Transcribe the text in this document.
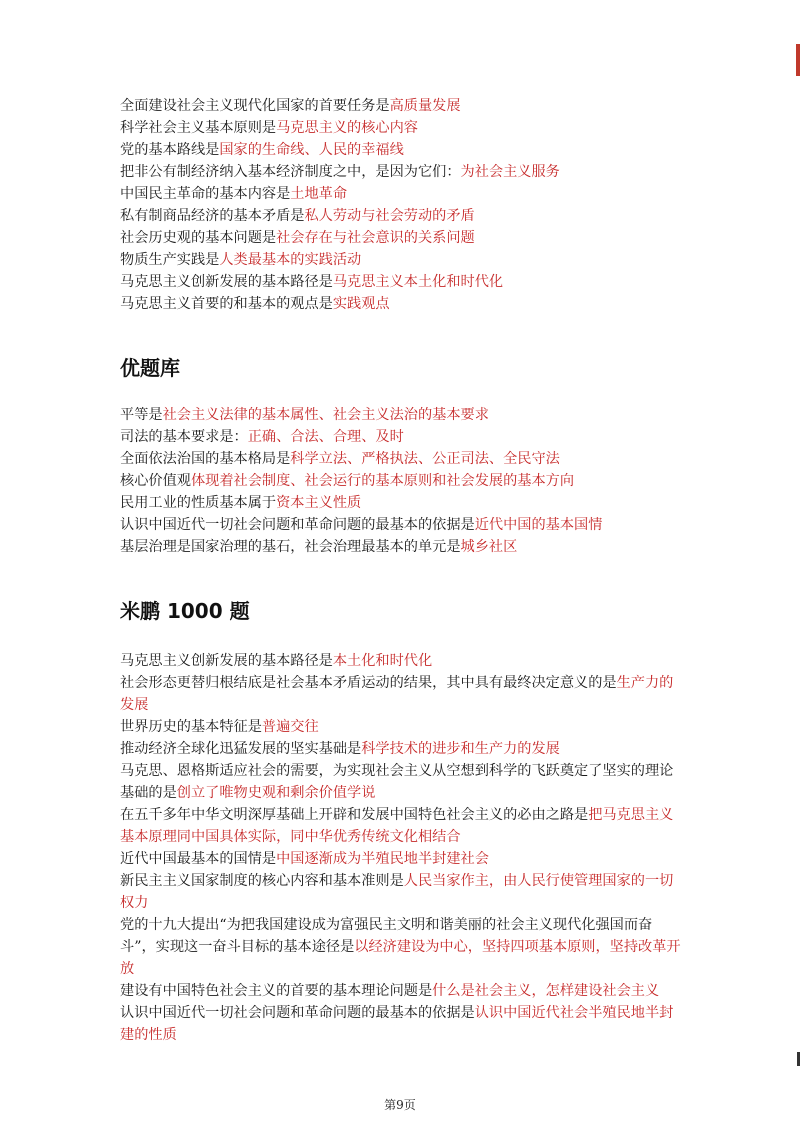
全面建设社会主义现代化国家的首要任务是高质量发展

科学社会主义基本原则是马克思主义的核心内容

党的基本路线是国家的生命线、人民的幸福线

把非公有制经济纳入基本经济制度之中，是因为它们：为社会主义服务

中国民主革命的基本内容是土地革命

私有制商品经济的基本矛盾是私人劳动与社会劳动的矛盾

社会历史观的基本问题是社会存在与社会意识的关系问题

物质生产实践是人类最基本的实践活动

马克思主义创新发展的基本路径是马克思主义本土化和时代化

马克思主义首要的和基本的观点是实践观点

优题库

平等是社会主义法律的基本属性、社会主义法治的基本要求

司法的基本要求是：正确、合法、合理、及时

全面依法治国的基本格局是科学立法、严格执法、公正司法、全民守法

核心价值观体现着社会制度、社会运行的基本原则和社会发展的基本方向

民用工业的性质基本属于资本主义性质

认识中国近代一切社会问题和革命问题的最基本的依据是近代中国的基本国情

基层治理是国家治理的基石，社会治理最基本的单元是城乡社区

米鹏 1000 题

马克思主义创新发展的基本路径是本土化和时代化

社会形态更替归根结底是社会基本矛盾运动的结果，其中具有最终决定意义的是生产力的发展

世界历史的基本特征是普遍交往

推动经济全球化迅猛发展的坚实基础是科学技术的进步和生产力的发展

马克思、恩格斯适应社会的需要，为实现社会主义从空想到科学的飞跃奠定了坚实的理论基础的是创立了唯物史观和剩余价值学说

在五千多年中华文明深厚基础上开辟和发展中国特色社会主义的必由之路是把马克思主义基本原理同中国具体实际，同中华优秀传统文化相结合

近代中国最基本的国情是中国逐渐成为半殖民地半封建社会

新民主主义国家制度的核心内容和基本准则是人民当家作主，由人民行使管理国家的一切权力

党的十九大提出“为把我国建设成为富强民主文明和谐美丽的社会主义现代化强国而奋斗”，实现这一奋斗目标的基本途径是以经济建设为中心，坚持四项基本原则，坚持改革开放

建设有中国特色社会主义的首要的基本理论问题是什么是社会主义，怎样建设社会主义

认识中国近代一切社会问题和革命问题的最基本的依据是认识中国近代社会半殖民地半封建的性质

第9页
